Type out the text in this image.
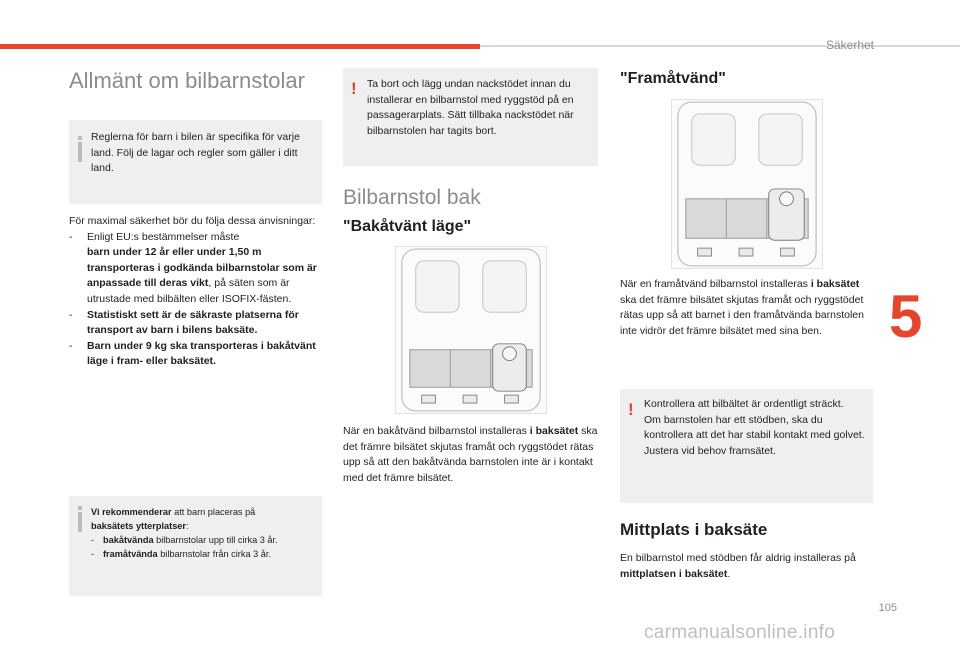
Säkerhet
5
105
carmanualsonline.info
Allmänt om bilbarnstolar
Reglerna för barn i bilen är specifika för varje land. Följ de lagar och regler som gäller i ditt land.
För maximal säkerhet bör du följa dessa anvisningar:
-	Enligt EU:s bestämmelser måste
barn under 12 år eller under 1,50 m transporteras i godkända bilbarnstolar som är anpassade till deras vikt, på säten som är utrustade med bilbälten eller ISOFIX-fästen.
-	Statistiskt sett är de säkraste platserna för transport av barn i bilens baksäte.
-	Barn under 9 kg ska transporteras i bakåtvänt läge i fram- eller baksätet.
Vi rekommenderar att barn placeras på
baksätets ytterplatser:
- bakåtvända bilbarnstolar upp till cirka 3 år.
- framåtvända bilbarnstolar från cirka 3 år.
! Ta bort och lägg undan nackstödet innan du installerar en bilbarnstol med ryggstöd på en passagerarplats. Sätt tillbaka nackstödet när bilbarnstolen har tagits bort.
Bilbarnstol bak
"Bakåtvänt läge"
När en bakåtvänd bilbarnstol installeras i baksätet ska det främre bilsätet skjutas framåt och ryggstödet rätas upp så att den bakåtvända barnstolen inte är i kontakt med det främre bilsätet.
"Framåtvänd"
När en framåtvänd bilbarnstol installeras i baksätet ska det främre bilsätet skjutas framåt och ryggstödet rätas upp så att barnet i den framåtvända barnstolen inte vidrör det främre bilsätet med sina ben.
! Kontrollera att bilbältet är ordentligt sträckt.
Om barnstolen har ett stödben, ska du kontrollera att det har stabil kontakt med golvet. Justera vid behov framsätet.
Mittplats i baksäte
En bilbarnstol med stödben får aldrig installeras på mittplatsen i baksätet.
